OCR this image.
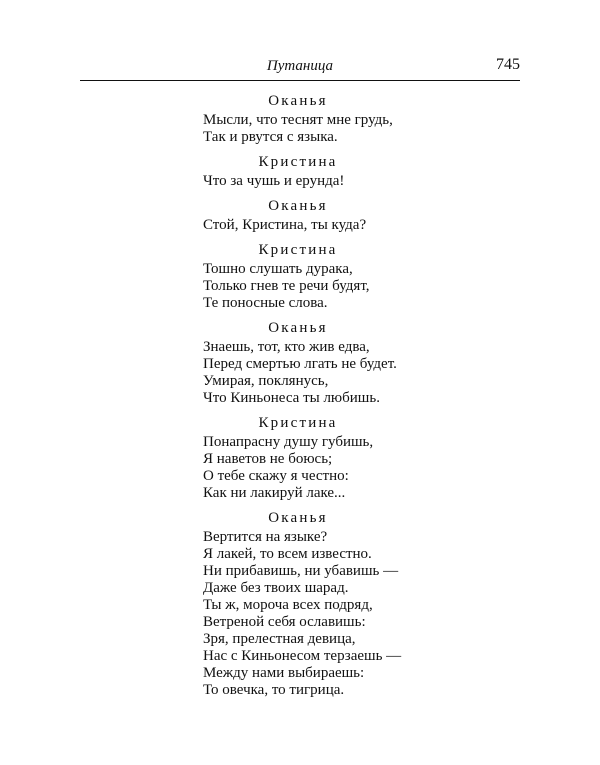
Путаница	745
Оканья
Мысли, что теснят мне грудь,
Так и рвутся с языка.
Кристина
Что за чушь и ерунда!
Оканья
Стой, Кристина, ты куда?
Кристина
Тошно слушать дурака,
Только гнев те речи будят,
Те поносные слова.
Оканья
Знаешь, тот, кто жив едва,
Перед смертью лгать не будет.
Умирая, поклянусь,
Что Киньонеса ты любишь.
Кристина
Понапрасну душу губишь,
Я наветов не боюсь;
О тебе скажу я честно:
Как ни лакируй лаке...
Оканья
Вертится на языке?
Я лакей, то всем известно.
Ни прибавишь, ни убавишь —
Даже без твоих шарад.
Ты ж, мороча всех подряд,
Ветреной себя ославишь:
Зря, прелестная девица,
Нас с Киньонесом терзаешь —
Между нами выбираешь:
То овечка, то тигрица.
